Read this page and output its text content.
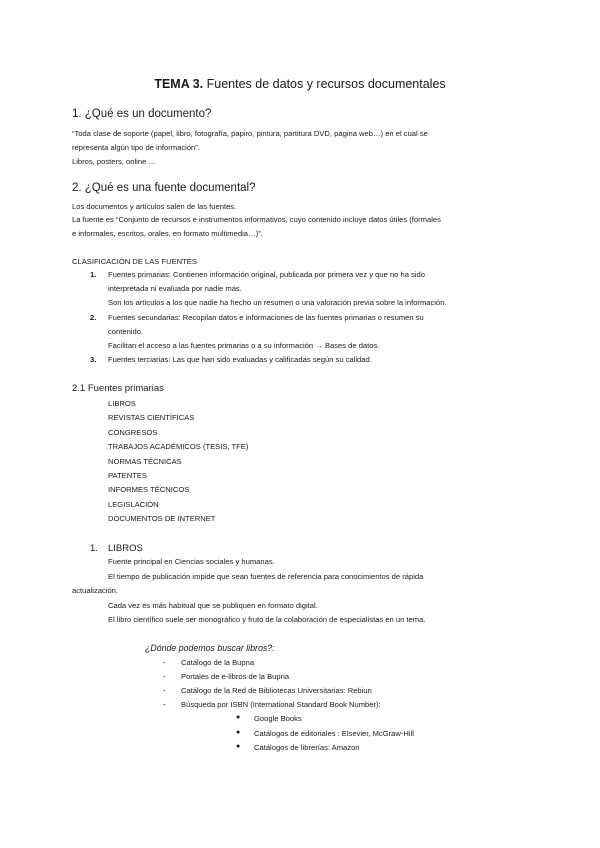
TEMA 3. Fuentes de datos y recursos documentales
1. ¿Qué es un documento?
“Toda clase de soporte (papel, libro, fotografía, papiro, pintura, partitura DVD, página web…) en el cual se
representa algún tipo de información”.
Libros, posters, online …
2. ¿Qué es una fuente documental?
Los documentos y artículos salen de las fuentes.
La fuente es “Conjunto de recursos e instrumentos informativos, cuyo contenido incluye datos útiles (formales
e informales, escritos, orales, en formato multimedia…)”.
CLASIFICACIÓN DE LAS FUENTES
1. Fuentes primarias: Contienen información original, publicada por primera vez y que no ha sido
interpretada ni evaluada por nadie más.
Son los artículos a los que nadie ha hecho un resumen o una valoración previa sobre la información.
2. Fuentes secundarias: Recopilan datos e informaciones de las fuentes primarias o resumen su
contenido.
Facilitan el acceso a las fuentes primarias o a su información → Bases de datos.
3. Fuentes terciarias: Las que han sido evaluadas y calificadas según su calidad.
2.1 Fuentes primarias
LIBROS
REVISTAS CIENTÍFICAS
CONGRESOS
TRABAJOS ACADÉMICOS (TESIS, TFE)
NORMAS TÉCNICAS
PATENTES
INFORMES TÉCNICOS
LEGISLACIÓN
DOCUMENTOS DE INTERNET
1. LIBROS
Fuente principal en Ciencias sociales y humanas.
El tiempo de publicación impide que sean fuentes de referencia para conocimientos de rápida
actualización.
Cada vez es más habitual que se publiquen en formato digital.
El libro científico suele ser monográfico y fruto de la colaboración de especialistas en un tema.
¿Dónde podemos buscar libros?:
- Catálogo de la Bupna
- Portales de e-libros de la Bupna
- Catálogo de la Red de Bibliotecas Universitarias: Rebiun
- Búsqueda por ISBN (International Standard Book Number):
● Google Books
● Catálogos de editoriales : Elsevier, McGraw-Hill
● Catálogos de librerías: Amazon
